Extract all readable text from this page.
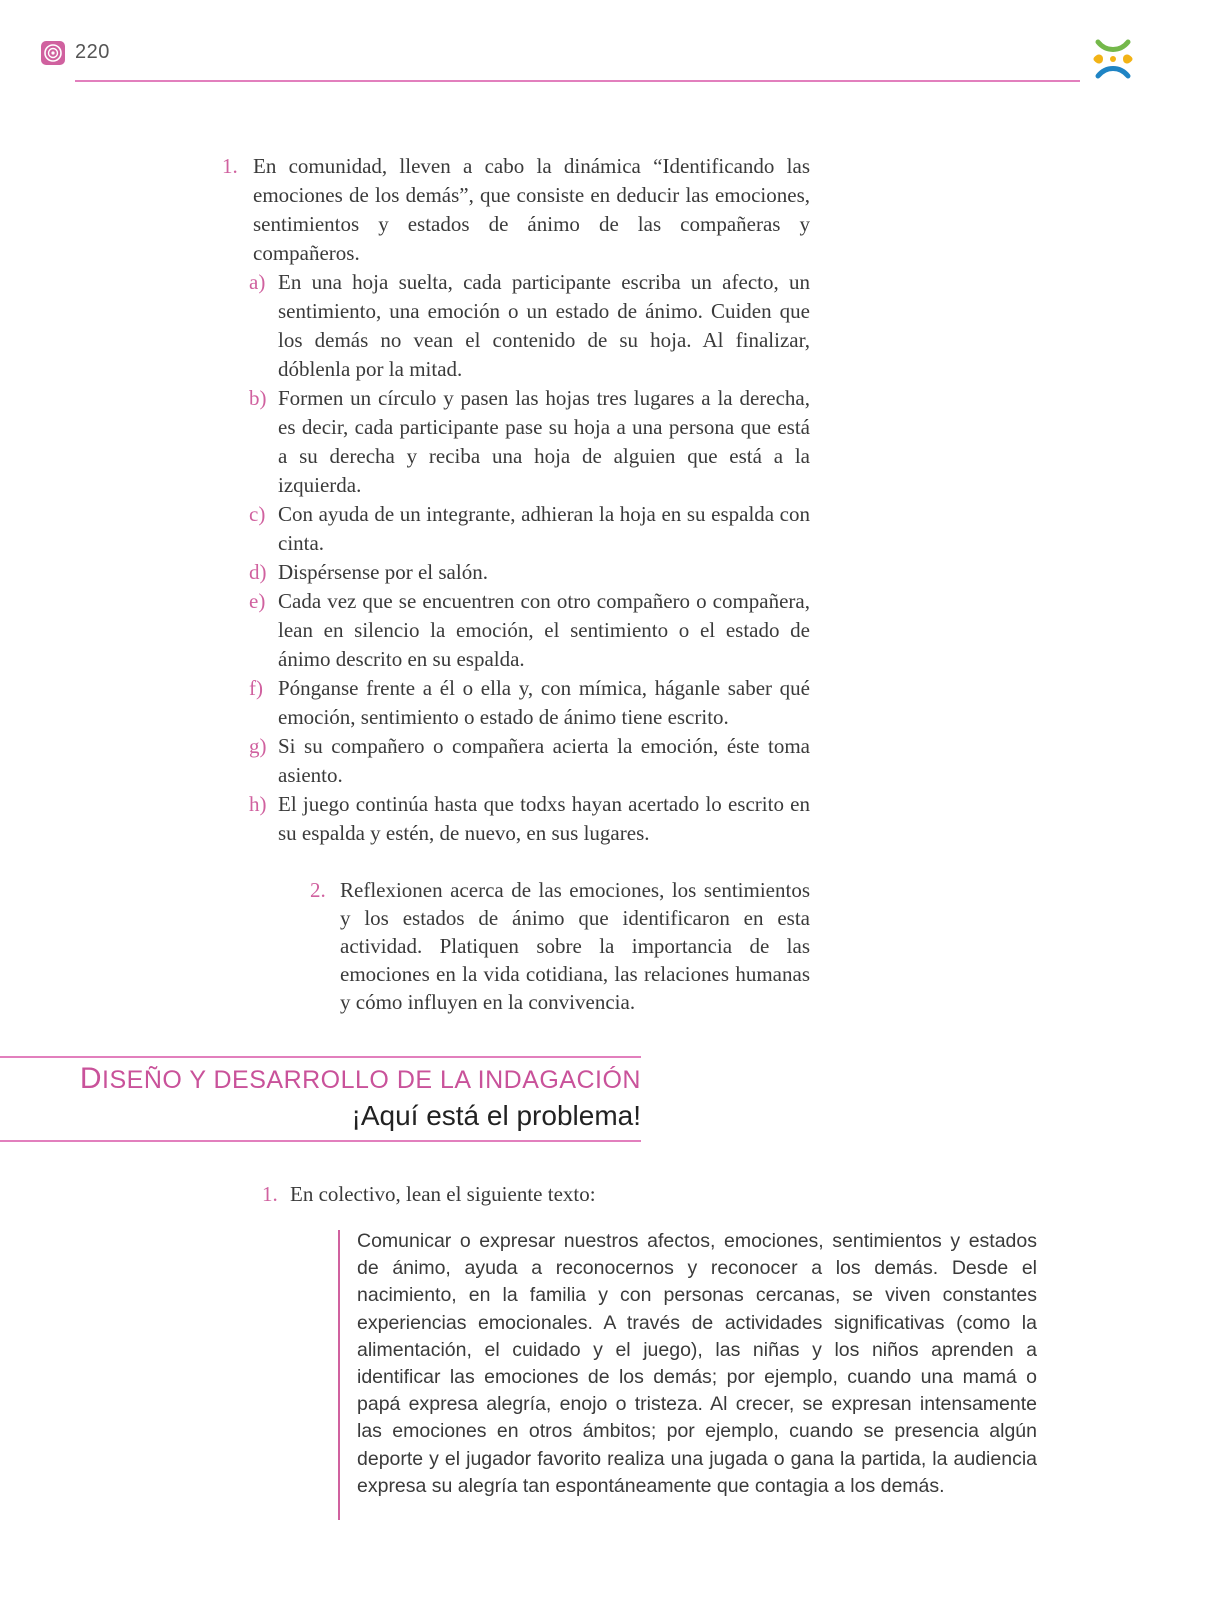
220
1. En comunidad, lleven a cabo la dinámica “Identificando las emociones de los demás”, que consiste en deducir las emociones, sentimientos y estados de ánimo de las compañeras y compañeros.
a) En una hoja suelta, cada participante escriba un afecto, un sentimiento, una emoción o un estado de ánimo. Cuiden que los demás no vean el contenido de su hoja. Al finalizar, dóblenla por la mitad.
b) Formen un círculo y pasen las hojas tres lugares a la derecha, es decir, cada participante pase su hoja a una persona que está a su derecha y reciba una hoja de alguien que está a la izquierda.
c) Con ayuda de un integrante, adhieran la hoja en su espalda con cinta.
d) Dispérsense por el salón.
e) Cada vez que se encuentren con otro compañero o compañera, lean en silencio la emoción, el sentimiento o el estado de ánimo descrito en su espalda.
f) Pónganse frente a él o ella y, con mímica, háganle saber qué emoción, sentimiento o estado de ánimo tiene escrito.
g) Si su compañero o compañera acierta la emoción, éste toma asiento.
h) El juego continúa hasta que todxs hayan acertado lo escrito en su espalda y estén, de nuevo, en sus lugares.
2. Reflexionen acerca de las emociones, los sentimientos y los estados de ánimo que identificaron en esta actividad. Platiquen sobre la importancia de las emociones en la vida cotidiana, las relaciones humanas y cómo influyen en la convivencia.
DISEÑO Y DESARROLLO DE LA INDAGACIÓN
¡Aquí está el problema!
1. En colectivo, lean el siguiente texto:
Comunicar o expresar nuestros afectos, emociones, sentimientos y estados de ánimo, ayuda a reconocernos y reconocer a los demás. Desde el nacimiento, en la familia y con personas cercanas, se viven constantes experiencias emocionales. A través de actividades significativas (como la alimentación, el cuidado y el juego), las niñas y los niños aprenden a identificar las emociones de los demás; por ejemplo, cuando una mamá o papá expresa alegría, enojo o tristeza. Al crecer, se expresan intensamente las emociones en otros ámbitos; por ejemplo, cuando se presencia algún deporte y el jugador favorito realiza una jugada o gana la partida, la audiencia expresa su alegría tan espontáneamente que contagia a los demás.
